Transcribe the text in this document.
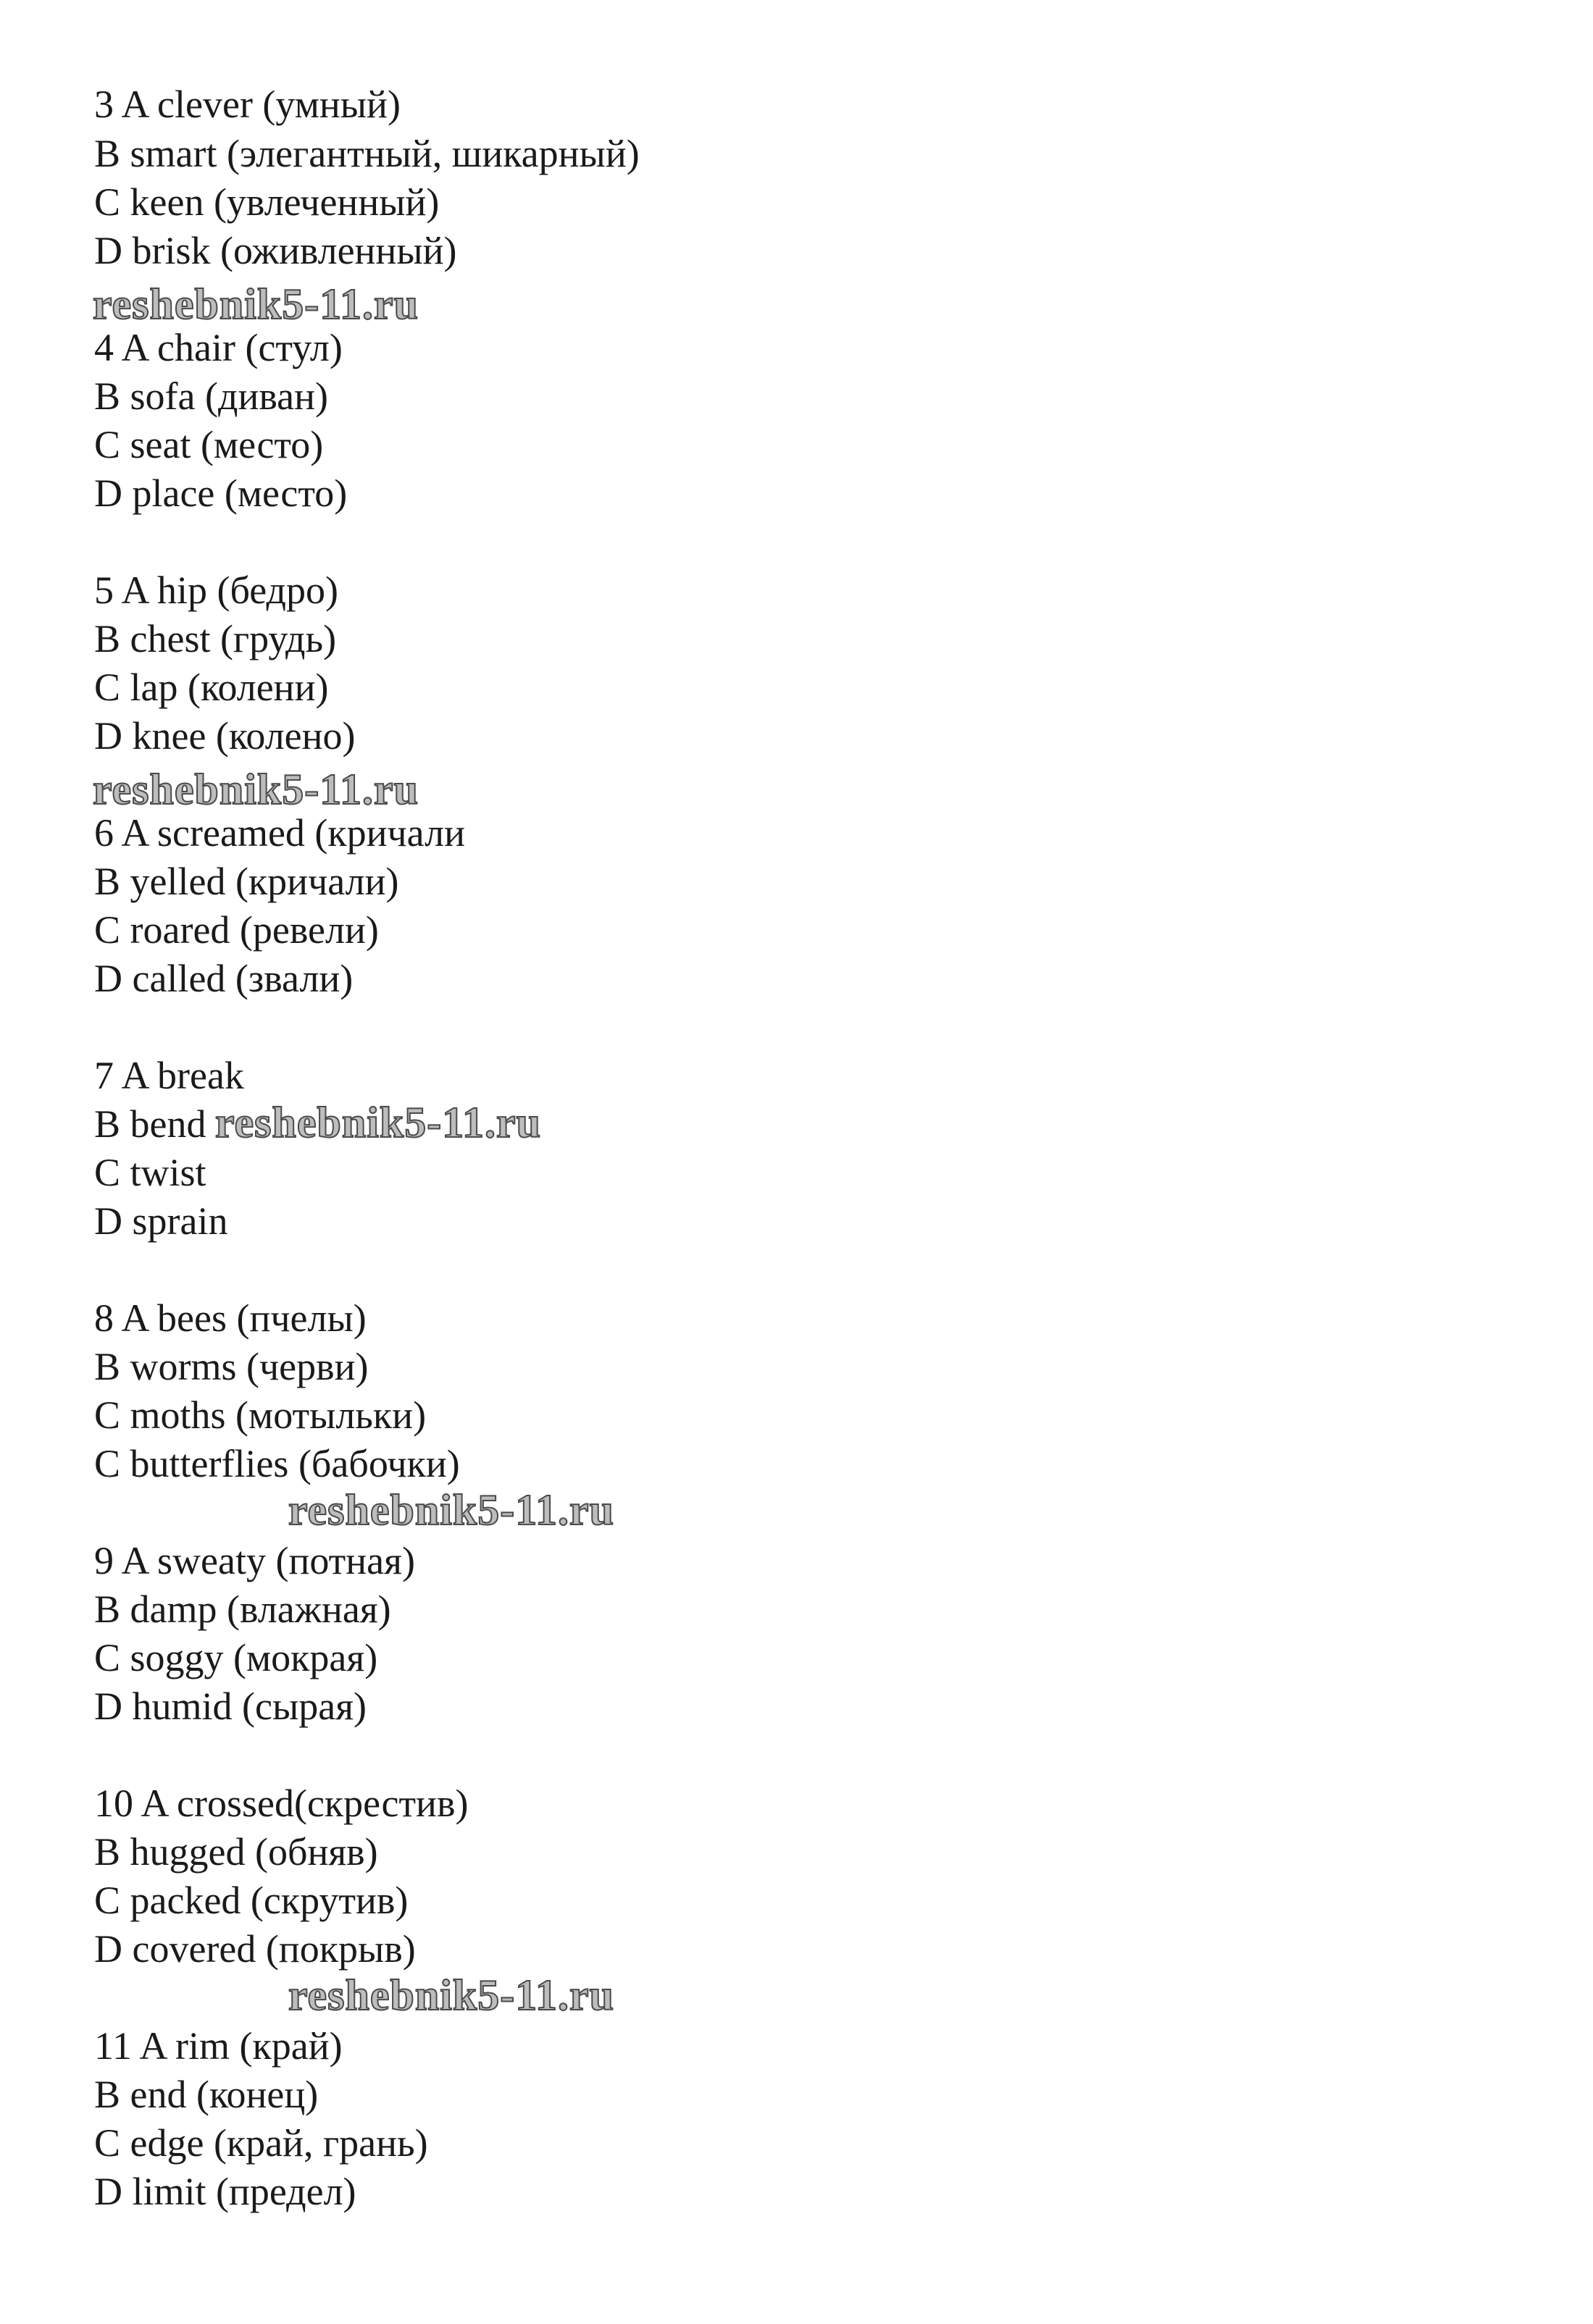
3 A clever (умный)
B smart (элегантный, шикарный)
C keen (увлеченный)
D brisk (оживленный)
reshebnik5-11.ru
4 A chair (стул)
B sofa (диван)
C seat (место)
D place (место)
5 A hip (бедро)
B chest (грудь)
C lap (колени)
D knee (колено)
reshebnik5-11.ru
6 A screamed (кричали
B yelled (кричали)
C roared (ревели)
D called (звали)
7 A break
B bend reshebnik5-11.ru
C twist
D sprain
8 A bees (пчелы)
B worms (черви)
C moths (мотыльки)
C butterflies (бабочки)
reshebnik5-11.ru
9 A sweaty (потная)
B damp (влажная)
C soggy (мокрая)
D humid (сырая)
10 A crossed(скрестив)
B hugged (обняв)
C packed (скрутив)
D covered (покрыв)
reshebnik5-11.ru
11 A rim (край)
B end (конец)
C edge (край, грань)
D limit (предел)
